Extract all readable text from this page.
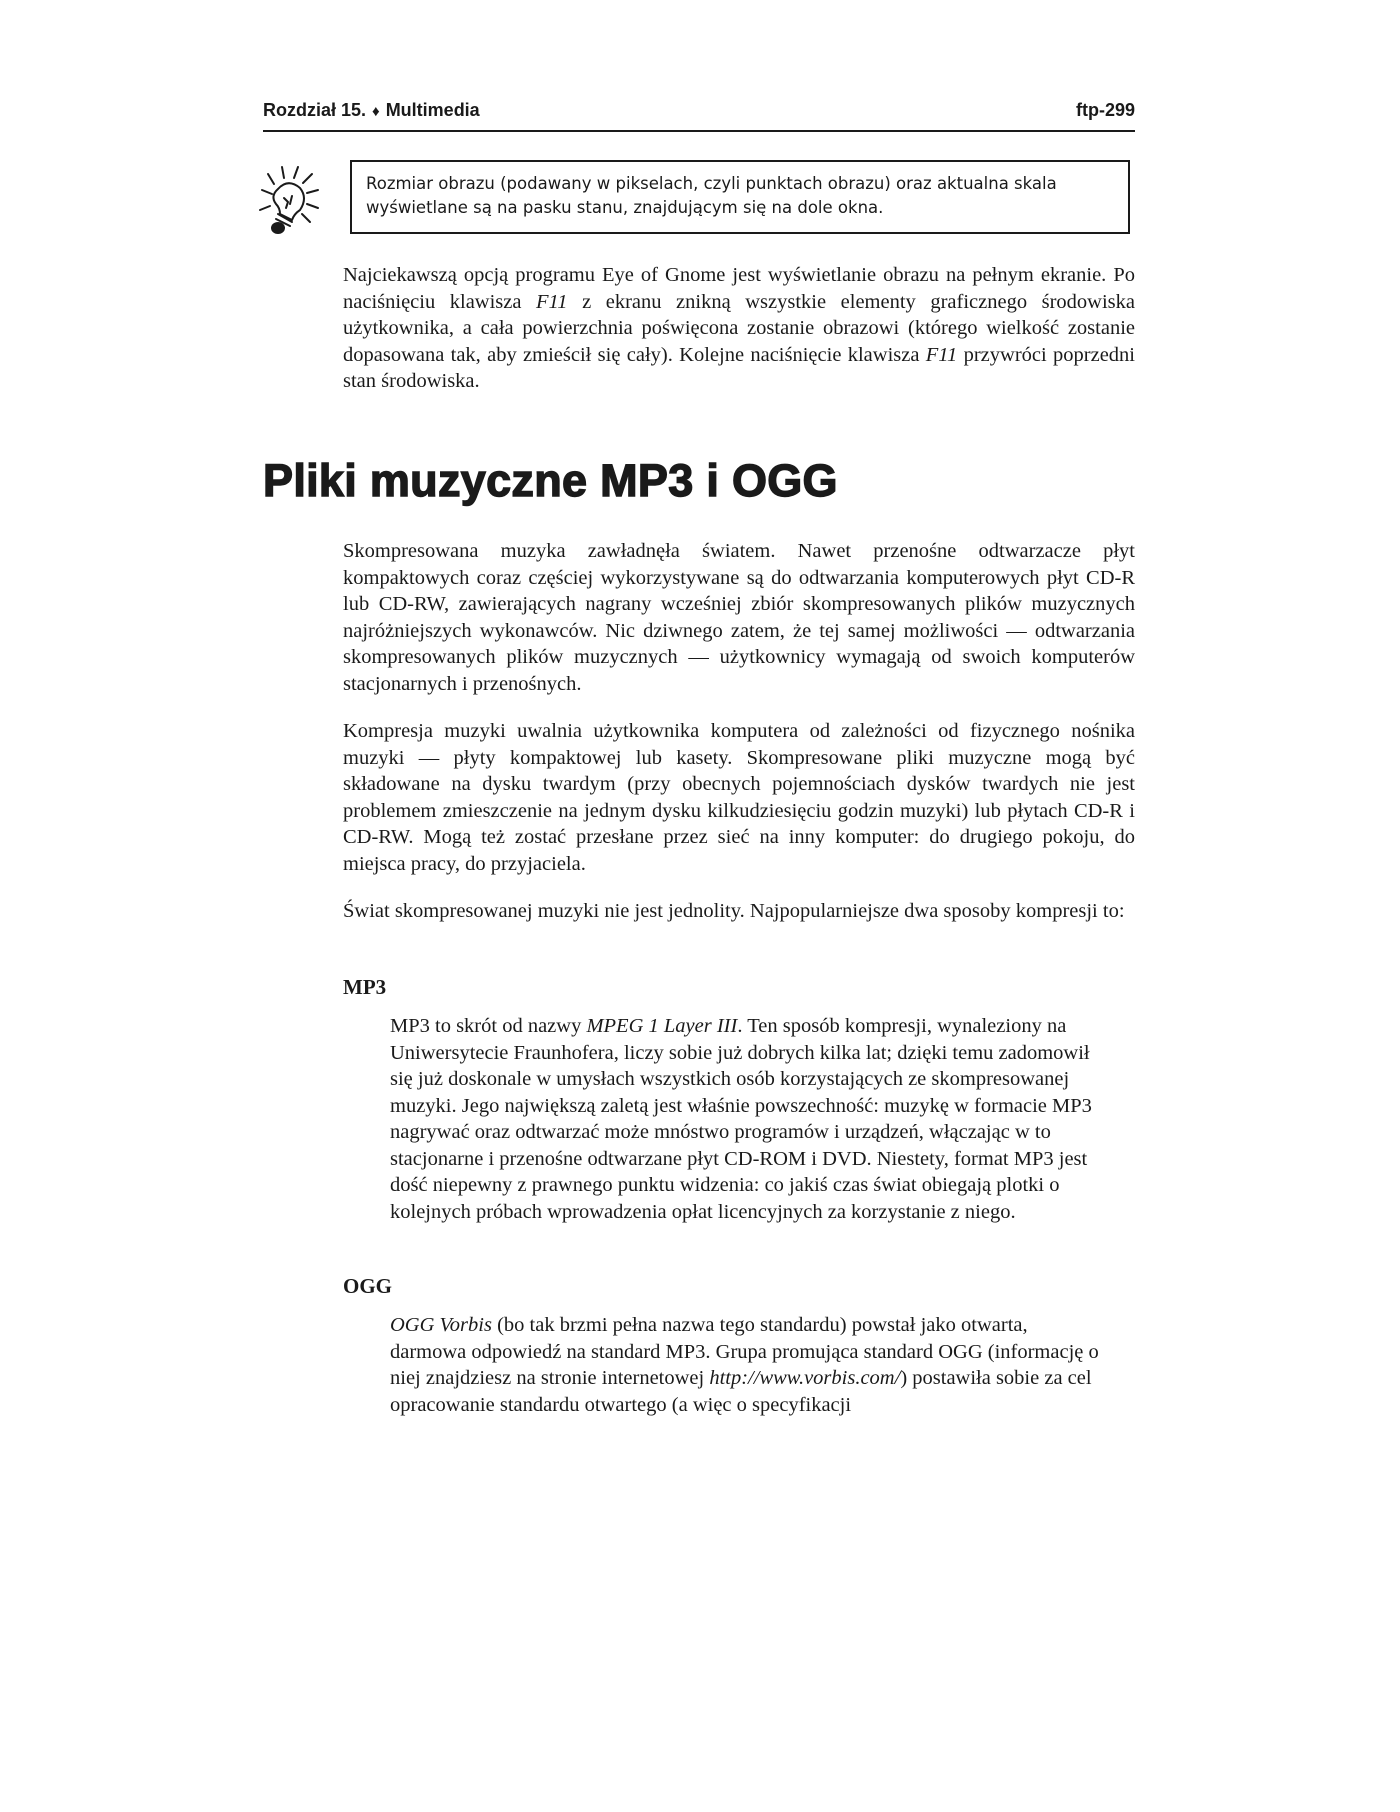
Rozdział 15. ♦ Multimedia	ftp-299
Rozmiar obrazu (podawany w pikselach, czyli punktach obrazu) oraz aktualna skala
wyświetlane są na pasku stanu, znajdującym się na dole okna.

Najciekawszą opcją programu Eye of Gnome jest wyświetlanie obrazu na pełnym ekranie. Po naciśnięciu klawisza F11 z ekranu znikną wszystkie elementy graficznego środowiska użytkownika, a cała powierzchnia poświęcona zostanie obrazowi (którego wielkość zostanie dopasowana tak, aby zmieścił się cały). Kolejne naciśnięcie klawisza F11 przywróci poprzedni stan środowiska.

Pliki muzyczne MP3 i OGG

Skompresowana muzyka zawładnęła światem. Nawet przenośne odtwarzacze płyt kompaktowych coraz częściej wykorzystywane są do odtwarzania komputerowych płyt CD-R lub CD-RW, zawierających nagrany wcześniej zbiór skompresowanych plików muzycznych najróżniejszych wykonawców. Nic dziwnego zatem, że tej samej możliwości — odtwarzania skompresowanych plików muzycznych — użytkownicy wymagają od swoich komputerów stacjonarnych i przenośnych.

Kompresja muzyki uwalnia użytkownika komputera od zależności od fizycznego nośnika muzyki — płyty kompaktowej lub kasety. Skompresowane pliki muzyczne mogą być składowane na dysku twardym (przy obecnych pojemnościach dysków twardych nie jest problemem zmieszczenie na jednym dysku kilkudziesięciu godzin muzyki) lub płytach CD-R i CD-RW. Mogą też zostać przesłane przez sieć na inny komputer: do drugiego pokoju, do miejsca pracy, do przyjaciela.

Świat skompresowanej muzyki nie jest jednolity. Najpopularniejsze dwa sposoby kompresji to:

MP3

MP3 to skrót od nazwy MPEG 1 Layer III. Ten sposób kompresji, wynaleziony na Uniwersytecie Fraunhofera, liczy sobie już dobrych kilka lat; dzięki temu zadomowił się już doskonale w umysłach wszystkich osób korzystających ze skompresowanej muzyki. Jego największą zaletą jest właśnie powszechność: muzykę w formacie MP3 nagrywać oraz odtwarzać może mnóstwo programów i urządzeń, włączając w to stacjonarne i przenośne odtwarzane płyt CD-ROM i DVD. Niestety, format MP3 jest dość niepewny z prawnego punktu widzenia: co jakiś czas świat obiegają plotki o kolejnych próbach wprowadzenia opłat licencyjnych za korzystanie z niego.

OGG

OGG Vorbis (bo tak brzmi pełna nazwa tego standardu) powstał jako otwarta, darmowa odpowiedź na standard MP3. Grupa promująca standard OGG (informację o niej znajdziesz na stronie internetowej http://www.vorbis.com/) postawiła sobie za cel opracowanie standardu otwartego (a więc o specyfikacji
